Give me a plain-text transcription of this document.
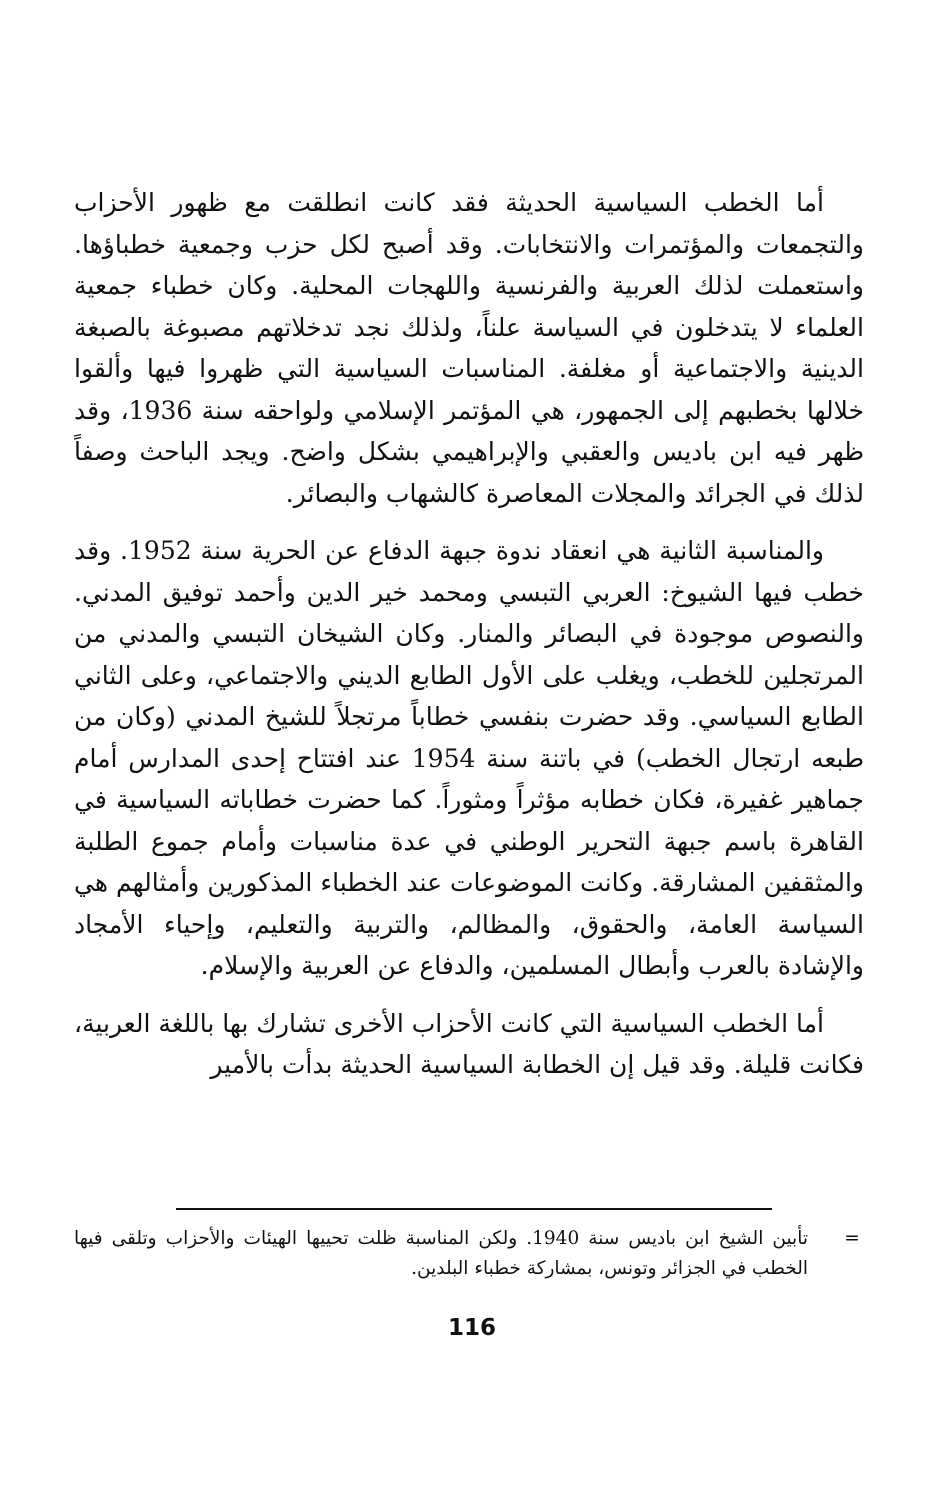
أما الخطب السياسية الحديثة فقد كانت انطلقت مع ظهور الأحزاب والتجمعات والمؤتمرات والانتخابات. وقد أصبح لكل حزب وجمعية خطباؤها. واستعملت لذلك العربية والفرنسية واللهجات المحلية. وكان خطباء جمعية العلماء لا يتدخلون في السياسة علناً، ولذلك نجد تدخلاتهم مصبوغة بالصبغة الدينية والاجتماعية أو مغلفة. المناسبات السياسية التي ظهروا فيها وألقوا خلالها بخطبهم إلى الجمهور، هي المؤتمر الإسلامي ولواحقه سنة 1936، وقد ظهر فيه ابن باديس والعقبي والإبراهيمي بشكل واضح. ويجد الباحث وصفاً لذلك في الجرائد والمجلات المعاصرة كالشهاب والبصائر.

والمناسبة الثانية هي انعقاد ندوة جبهة الدفاع عن الحرية سنة 1952. وقد خطب فيها الشيوخ: العربي التبسي ومحمد خير الدين وأحمد توفيق المدني. والنصوص موجودة في البصائر والمنار. وكان الشيخان التبسي والمدني من المرتجلين للخطب، ويغلب على الأول الطابع الديني والاجتماعي، وعلى الثاني الطابع السياسي. وقد حضرت بنفسي خطاباً مرتجلاً للشيخ المدني (وكان من طبعه ارتجال الخطب) في باتنة سنة 1954 عند افتتاح إحدى المدارس أمام جماهير غفيرة، فكان خطابه مؤثراً ومثوراً. كما حضرت خطاباته السياسية في القاهرة باسم جبهة التحرير الوطني في عدة مناسبات وأمام جموع الطلبة والمثقفين المشارقة. وكانت الموضوعات عند الخطباء المذكورين وأمثالهم هي السياسة العامة، والحقوق، والمظالم، والتربية والتعليم، وإحياء الأمجاد والإشادة بالعرب وأبطال المسلمين، والدفاع عن العربية والإسلام.

أما الخطب السياسية التي كانت الأحزاب الأخرى تشارك بها باللغة العربية، فكانت قليلة. وقد قيل إن الخطابة السياسية الحديثة بدأت بالأمير

=
تأبين الشيخ ابن باديس سنة 1940. ولكن المناسبة ظلت تحييها الهيئات والأحزاب وتلقى فيها الخطب في الجزائر وتونس، بمشاركة خطباء البلدين.
116
